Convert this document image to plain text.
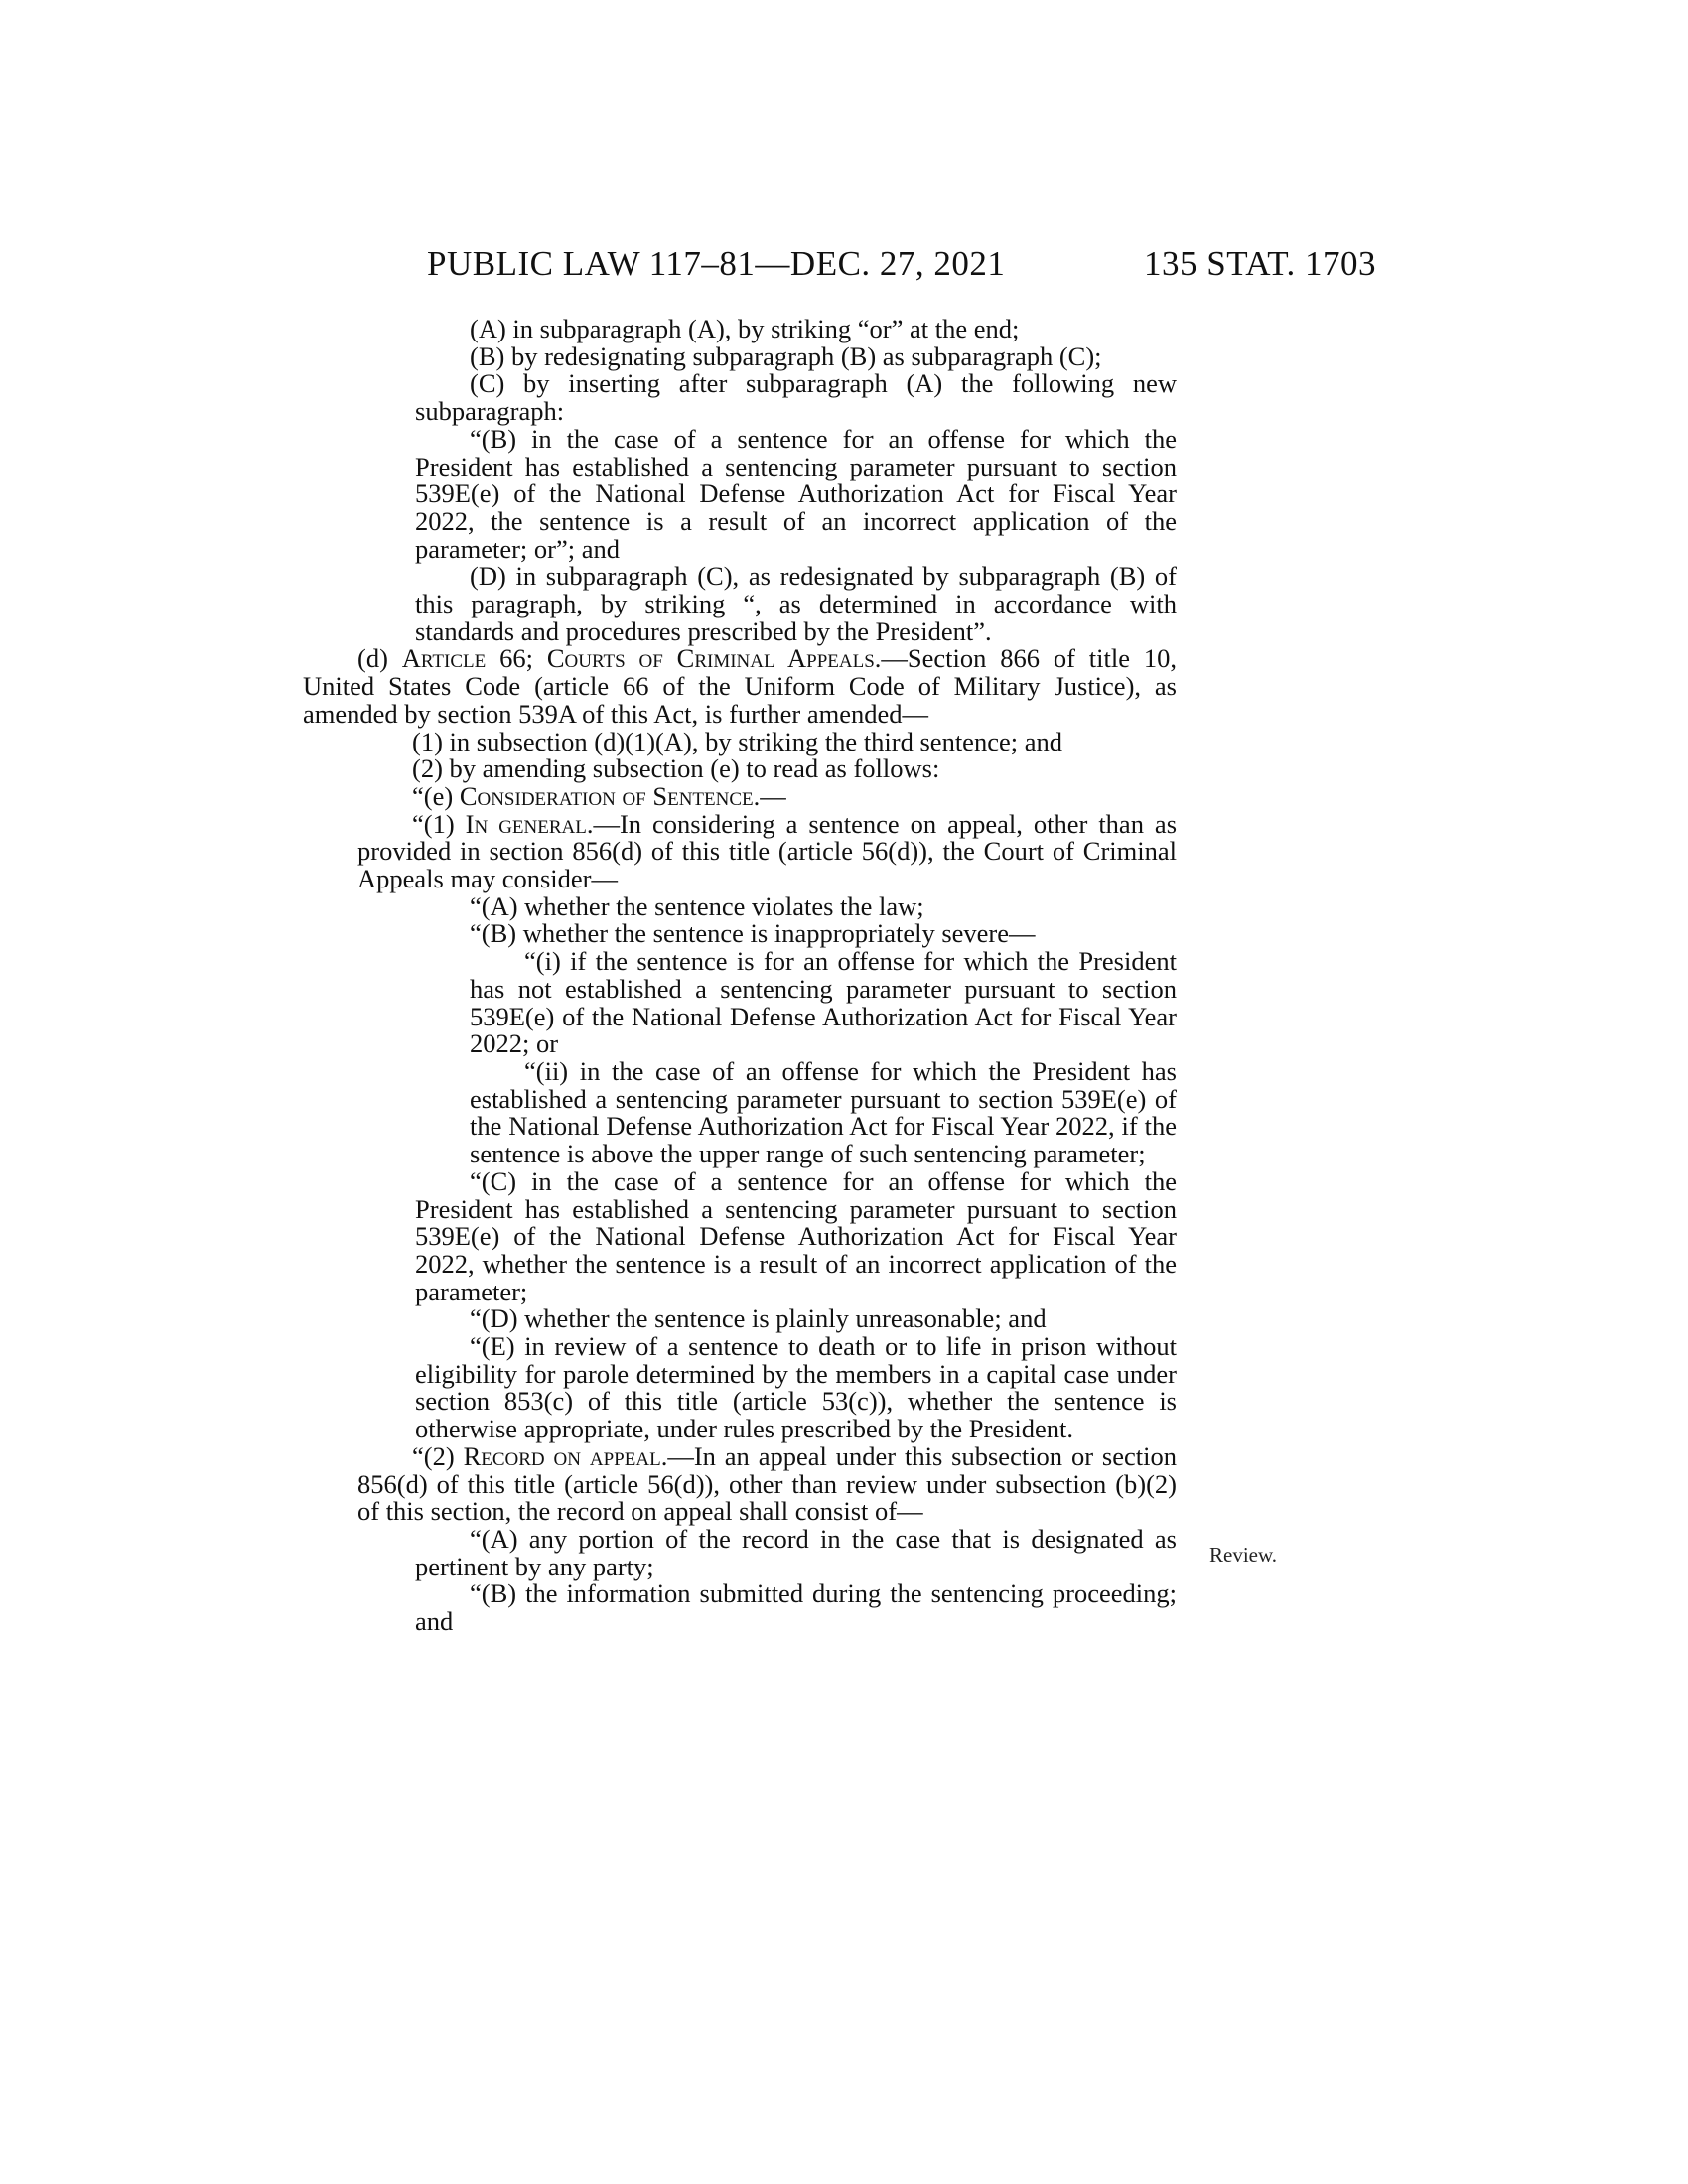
PUBLIC LAW 117–81—DEC. 27, 2021	135 STAT. 1703

(A) in subparagraph (A), by striking “or” at the end;

(B) by redesignating subparagraph (B) as subparagraph (C);

(C) by inserting after subparagraph (A) the following new subparagraph:

“(B) in the case of a sentence for an offense for which the President has established a sentencing parameter pursuant to section 539E(e) of the National Defense Authorization Act for Fiscal Year 2022, the sentence is a result of an incorrect application of the parameter; or”; and

(D) in subparagraph (C), as redesignated by subparagraph (B) of this paragraph, by striking “, as determined in accordance with standards and procedures prescribed by the President”.

(d) Article 66; Courts of Criminal Appeals.—Section 866 of title 10, United States Code (article 66 of the Uniform Code of Military Justice), as amended by section 539A of this Act, is further amended—

(1) in subsection (d)(1)(A), by striking the third sentence; and

(2) by amending subsection (e) to read as follows:

“(e) Consideration of Sentence.—

“(1) In general.—In considering a sentence on appeal, other than as provided in section 856(d) of this title (article 56(d)), the Court of Criminal Appeals may consider—

“(A) whether the sentence violates the law;

“(B) whether the sentence is inappropriately severe—

“(i) if the sentence is for an offense for which the President has not established a sentencing parameter pursuant to section 539E(e) of the National Defense Authorization Act for Fiscal Year 2022; or

“(ii) in the case of an offense for which the President has established a sentencing parameter pursuant to section 539E(e) of the National Defense Authorization Act for Fiscal Year 2022, if the sentence is above the upper range of such sentencing parameter;

“(C) in the case of a sentence for an offense for which the President has established a sentencing parameter pursuant to section 539E(e) of the National Defense Authorization Act for Fiscal Year 2022, whether the sentence is a result of an incorrect application of the parameter;

“(D) whether the sentence is plainly unreasonable; and

“(E) in review of a sentence to death or to life in prison without eligibility for parole determined by the members in a capital case under section 853(c) of this title (article 53(c)), whether the sentence is otherwise appropriate, under rules prescribed by the President.

“(2) Record on appeal.—In an appeal under this subsection or section 856(d) of this title (article 56(d)), other than review under subsection (b)(2) of this section, the record on appeal shall consist of—

“(A) any portion of the record in the case that is designated as pertinent by any party;

“(B) the information submitted during the sentencing proceeding; and

Review.
